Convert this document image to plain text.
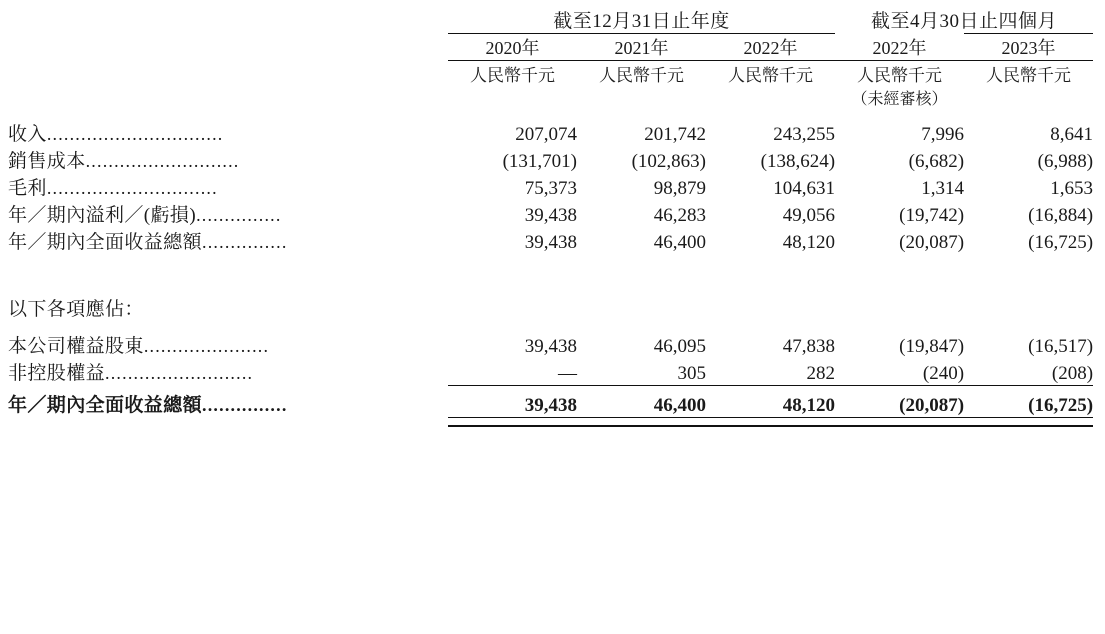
	截至12月31日止年度			截至4月30日止四個月	

	2020年	2021年	2022年	2022年	2023年

	人民幣千元	人民幣千元	人民幣千元	人民幣千元	人民幣千元
				（未經審核）	

收入...............................	207,074	201,742	243,255	7,996	8,641
銷售成本...........................	(131,701)	(102,863)	(138,624)	(6,682)	(6,988)
毛利..............................	75,373	98,879	104,631	1,314	1,653
年／期內溢利／(虧損)...............	39,438	46,283	49,056	(19,742)	(16,884)
年／期內全面收益總額...............	39,438	46,400	48,120	(20,087)	(16,725)

以下各項應佔：					

本公司權益股東......................	39,438	46,095	47,838	(19,847)	(16,517)
非控股權益..........................	—	305	282	(240)	(208)
年／期內全面收益總額...............	39,438	46,400	48,120	(20,087)	(16,725)
